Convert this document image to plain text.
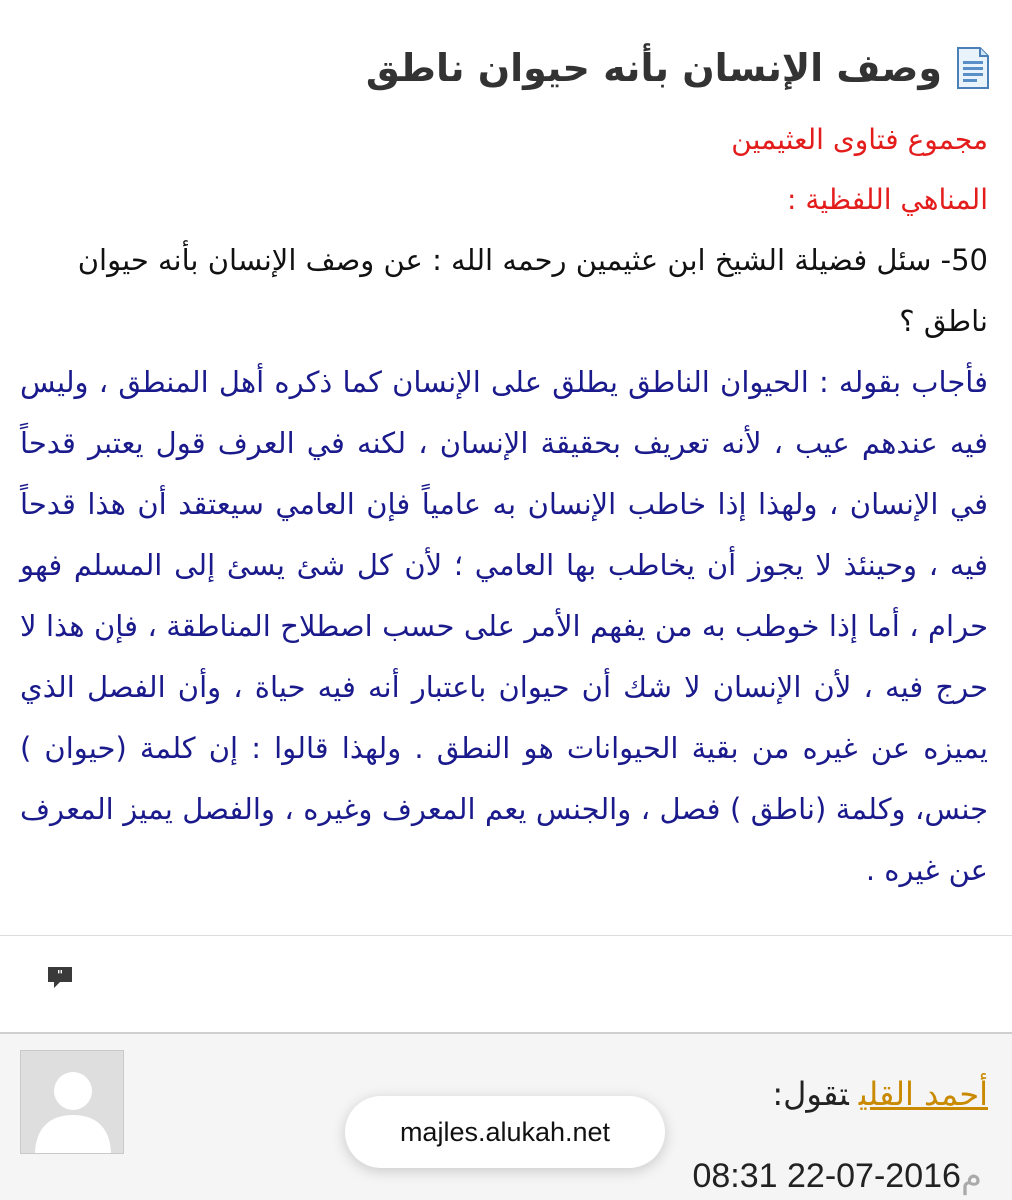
وصف الإنسان بأنه حيوان ناطق
مجموع فتاوى العثيمين
المناهي اللفظية :

50- سئل فضيلة الشيخ ابن عثيمين رحمه الله : عن وصف الإنسان بأنه حيوان ناطق ؟

فأجاب بقوله : الحيوان الناطق يطلق على الإنسان كما ذكره أهل المنطق ، وليس فيه عندهم عيب ، لأنه تعريف بحقيقة الإنسان ، لكنه في العرف قول يعتبر قدحاً في الإنسان ، ولهذا إذا خاطب الإنسان به عامياً فإن العامي سيعتقد أن هذا قدحاً فيه ، وحينئذ لا يجوز أن يخاطب بها العامي ؛ لأن كل شئ يسئ إلى المسلم فهو حرام ، أما إذا خوطب به من يفهم الأمر على حسب اصطلاح المناطقة ، فإن هذا لا حرج فيه ، لأن الإنسان لا شك أن حيوان باعتبار أنه فيه حياة ، وأن الفصل الذي يميزه عن غيره من بقية الحيوانات هو النطق . ولهذا قالوا : إن كلمة (حيوان ) جنس، وكلمة (ناطق ) فصل ، والجنس يعم المعرف وغيره ، والفصل يميز المعرف عن غيره .

"
أحمد القليتقول:
م2016-07-22 08:31
majles.alukah.net
